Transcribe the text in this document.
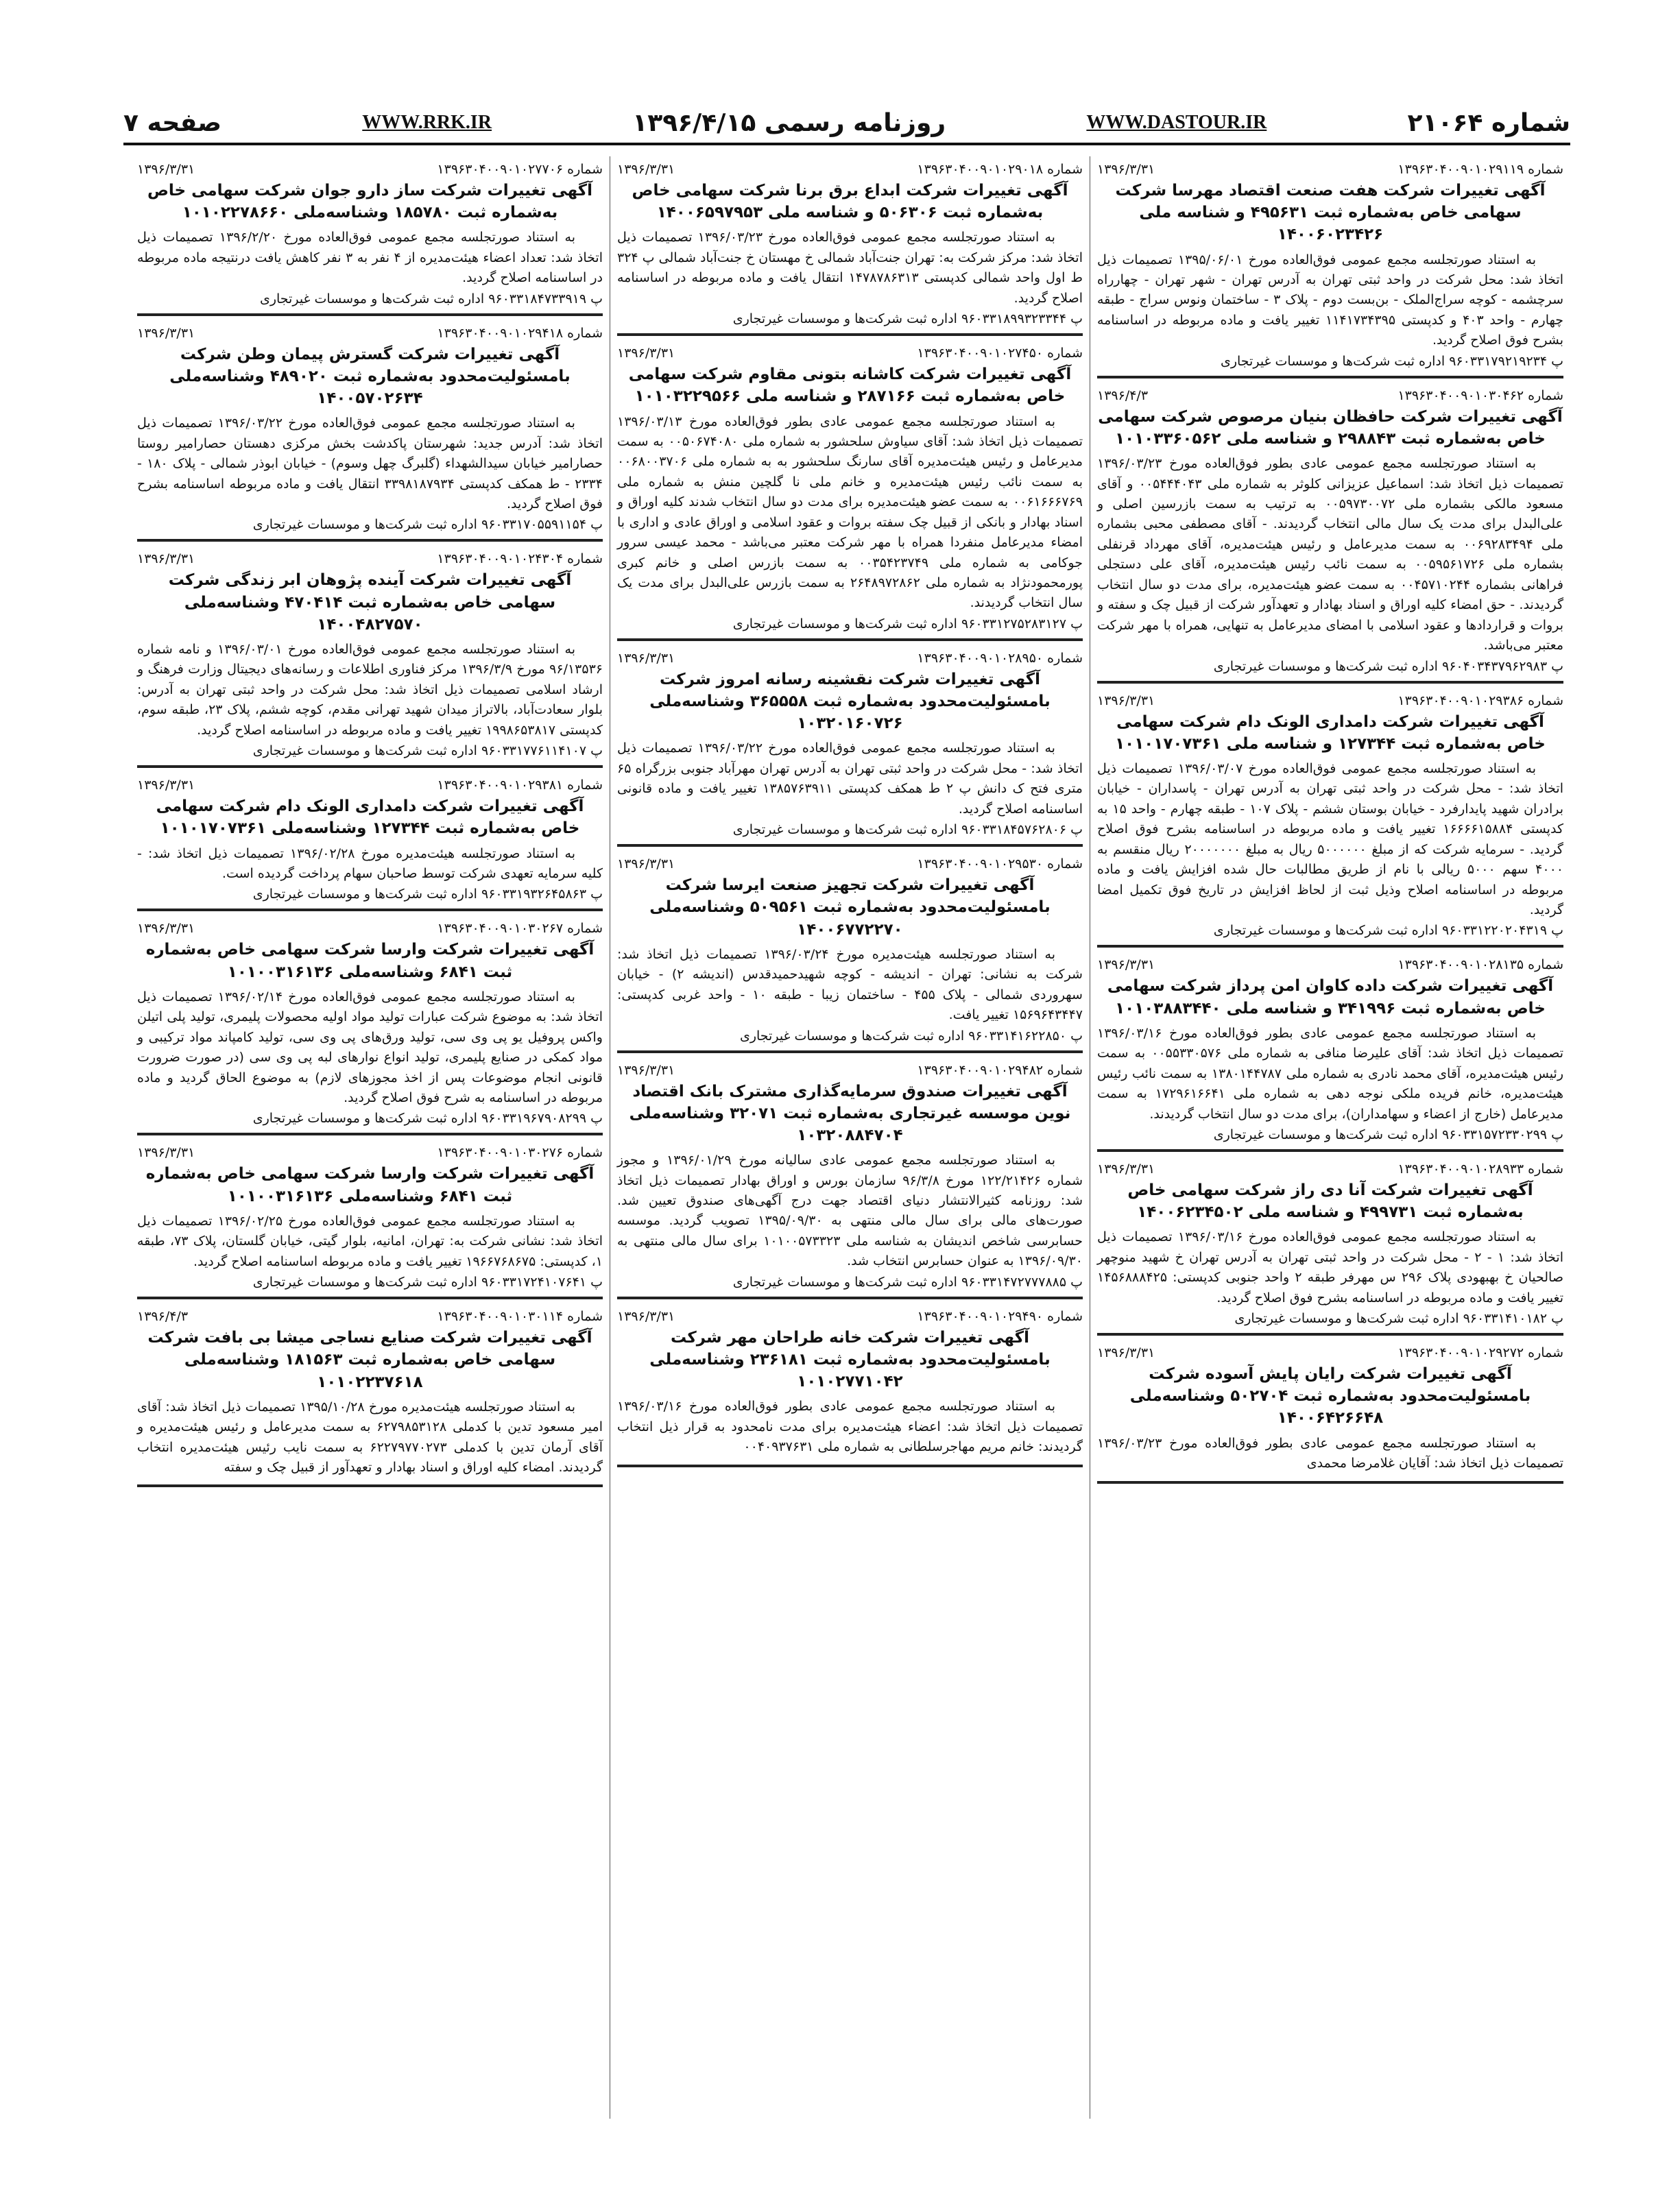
شماره ۲۱۰۶۴
WWW.DASTOUR.IR
روزنامه رسمی ۱۳۹۶/۴/۱۵
WWW.RRK.IR
صفحه ۷
شماره ۱۳۹۶۳۰۴۰۰۹۰۱۰۲۹۱۱۹
۱۳۹۶/۳/۳۱
آگهی تغییرات شرکت هفت صنعت اقتصاد مهرسا شرکت سهامی خاص به‌شماره ثبت ۴۹۵۶۳۱ و شناسه ملی ۱۴۰۰۶۰۲۳۴۲۶
به استناد صورتجلسه مجمع عمومی فوق‌العاده مورخ ۱۳۹۵/۰۶/۰۱ تصمیمات ذیل اتخاذ شد: محل شرکت در واحد ثبتی تهران به آدرس تهران - شهر تهران - چهارراه سرچشمه - کوچه سراج‌الملک - بن‌بست دوم - پلاک ۳ - ساختمان ونوس سراج - طبقه چهارم - واحد ۴۰۳ و کدپستی ۱۱۴۱۷۳۴۳۹۵ تغییر یافت و ماده مربوطه در اساسنامه بشرح فوق اصلاح گردید.
پ ۹۶۰۳۳۱۷۹۲۱۹۲۳۴ اداره ثبت شرکت‌ها و موسسات غیرتجاری
شماره ۱۳۹۶۳۰۴۰۰۹۰۱۰۳۰۴۶۲
۱۳۹۶/۴/۳
آگهی تغییرات شرکت حافظان بنیان مرصوص شرکت سهامی خاص به‌شماره ثبت ۲۹۸۸۴۳ و شناسه ملی ۱۰۱۰۳۳۶۰۵۶۲
به استناد صورتجلسه مجمع عمومی عادی بطور فوق‌العاده مورخ ۱۳۹۶/۰۳/۲۳ تصمیمات ذیل اتخاذ شد: اسماعیل عزیزانی کلوثر به شماره ملی ۰۰۵۴۴۴۰۴۳ و آقای مسعود مالکی بشماره ملی ۰۰۵۹۷۳۰۰۷۲ به ترتیب به سمت بازرسین اصلی و علی‌البدل برای مدت یک سال مالی انتخاب گردیدند. - آقای مصطفی محبی بشماره ملی ۰۰۶۹۲۸۳۴۹۴ به سمت مدیرعامل و رئیس هیئت‌مدیره، آقای مهرداد قرنفلی بشماره ملی ۰۰۵۹۵۶۱۷۲۶ به سمت نائب رئیس هیئت‌مدیره، آقای علی دستجلی فراهانی بشماره ۰۰۴۵۷۱۰۲۴۴ به سمت عضو هیئت‌مدیره، برای مدت دو سال انتخاب گردیدند. - حق امضاء کلیه اوراق و اسناد بهادار و تعهدآور شرکت از قبیل چک و سفته و بروات و قراردادها و عقود اسلامی با امضای مدیرعامل به تنهایی، همراه با مهر شرکت معتبر می‌باشد.
پ ۹۶۰۴۰۳۴۳۷۹۶۲۹۸۳ اداره ثبت شرکت‌ها و موسسات غیرتجاری
شماره ۱۳۹۶۳۰۴۰۰۹۰۱۰۲۹۳۸۶
۱۳۹۶/۳/۳۱
آگهی تغییرات شرکت دامداری الونک دام شرکت سهامی خاص به‌شماره ثبت ۱۲۷۳۴۴ و شناسه ملی ۱۰۱۰۱۷۰۷۳۶۱
به استناد صورتجلسه مجمع عمومی فوق‌العاده مورخ ۱۳۹۶/۰۳/۰۷ تصمیمات ذیل اتخاذ شد: - محل شرکت در واحد ثبتی تهران به آدرس تهران - پاسداران - خیابان برادران شهید پایدارفرد - خیابان بوستان ششم - پلاک ۱۰۷ - طبقه چهارم - واحد ۱۵ به کدپستی ۱۶۶۶۶۱۵۸۸۴ تغییر یافت و ماده مربوطه در اساسنامه بشرح فوق اصلاح گردید. - سرمایه شرکت که از مبلغ ۵۰۰۰۰۰۰ ریال به مبلغ ۲۰۰۰۰۰۰۰ ریال منقسم به ۴۰۰۰ سهم ۵۰۰۰ ریالی با نام از طریق مطالبات حال شده افزایش یافت و ماده مربوطه در اساسنامه اصلاح وذیل ثبت از لحاظ افزایش در تاریخ فوق تکمیل امضا گردید.
پ ۹۶۰۳۳۱۲۲۰۲۰۴۳۱۹ اداره ثبت شرکت‌ها و موسسات غیرتجاری
شماره ۱۳۹۶۳۰۴۰۰۹۰۱۰۲۸۱۳۵
۱۳۹۶/۳/۳۱
آگهی تغییرات شرکت داده کاوان امن پرداز شرکت سهامی خاص به‌شماره ثبت ۳۴۱۹۹۶ و شناسه ملی ۱۰۱۰۳۸۸۳۴۴۰
به استناد صورتجلسه مجمع عمومی عادی بطور فوق‌العاده مورخ ۱۳۹۶/۰۳/۱۶ تصمیمات ذیل اتخاذ شد: آقای علیرضا منافی به شماره ملی ۰۰۵۵۳۳۰۵۷۶ به سمت رئیس هیئت‌مدیره، آقای محمد نادری به شماره ملی ۱۳۸۰۱۴۴۷۸۷ به سمت نائب رئیس هیئت‌مدیره، خانم فریده ملکی نوجه دهی به شماره ملی ۱۷۲۹۶۱۶۶۴۱ به سمت مدیرعامل (خارج از اعضاء و سهامداران)، برای مدت دو سال انتخاب گردیدند.
پ ۹۶۰۳۳۱۵۷۲۳۳۰۲۹۹ اداره ثبت شرکت‌ها و موسسات غیرتجاری
شماره ۱۳۹۶۳۰۴۰۰۹۰۱۰۲۸۹۳۳
۱۳۹۶/۳/۳۱
آگهی تغییرات شرکت آنا دی راز شرکت سهامی خاص به‌شماره ثبت ۴۹۹۷۳۱ و شناسه ملی ۱۴۰۰۶۲۳۴۵۰۲
به استناد صورتجلسه مجمع عمومی فوق‌العاده مورخ ۱۳۹۶/۰۳/۱۶ تصمیمات ذیل اتخاذ شد: ۱ - ۲ - محل شرکت در واحد ثبتی تهران به آدرس تهران خ شهید منوچهر صالحیان خ بهبهودی پلاک ۲۹۶ س مهرفر طبقه ۲ واحد جنوبی کدپستی: ۱۴۵۶۸۸۸۴۲۵ تغییر یافت و ماده مربوطه در اساسنامه بشرح فوق اصلاح گردید.
پ ۹۶۰۳۳۱۴۱۰۱۸۲ اداره ثبت شرکت‌ها و موسسات غیرتجاری
شماره ۱۳۹۶۳۰۴۰۰۹۰۱۰۲۹۲۷۲
۱۳۹۶/۳/۳۱
آگهی تغییرات شرکت رایان پایش آسوده شرکت بامسئولیت‌محدود به‌شماره ثبت ۵۰۲۷۰۴ وشناسه‌ملی ۱۴۰۰۶۴۲۶۶۴۸
به استناد صورتجلسه مجمع عمومی عادی بطور فوق‌العاده مورخ ۱۳۹۶/۰۳/۲۳ تصمیمات ذیل اتخاذ شد: آقایان غلامرضا محمدی
شماره ۱۳۹۶۳۰۴۰۰۹۰۱۰۲۹۰۱۸
۱۳۹۶/۳/۳۱
آگهی تغییرات شرکت ابداع برق برنا شرکت سهامی خاص به‌شماره ثبت ۵۰۶۳۰۶ و شناسه ملی ۱۴۰۰۶۵۹۷۹۵۳
به استناد صورتجلسه مجمع عمومی فوق‌العاده مورخ ۱۳۹۶/۰۳/۲۳ تصمیمات ذیل اتخاذ شد: مرکز شرکت به: تهران جنت‌آباد شمالی خ مهستان خ جنت‌آباد شمالی پ ۳۲۴ ط اول واحد شمالی کدپستی ۱۴۷۸۷۸۶۳۱۳ انتقال یافت و ماده مربوطه در اساسنامه اصلاح گردید.
پ ۹۶۰۳۳۱۸۹۹۳۲۳۳۴۴ اداره ثبت شرکت‌ها و موسسات غیرتجاری
شماره ۱۳۹۶۳۰۴۰۰۹۰۱۰۲۷۴۵۰
۱۳۹۶/۳/۳۱
آگهی تغییرات شرکت کاشانه بتونی مقاوم شرکت سهامی خاص به‌شماره ثبت ۲۸۷۱۶۶ و شناسه ملی ۱۰۱۰۳۲۲۹۵۶۶
به استناد صورتجلسه مجمع عمومی عادی بطور فوق‌العاده مورخ ۱۳۹۶/۰۳/۱۳ تصمیمات ذیل اتخاذ شد: آقای سیاوش سلحشور به شماره ملی ۰۰۵۰۶۷۴۰۸۰ به سمت مدیرعامل و رئیس هیئت‌مدیره آقای سارنگ سلحشور به به شماره ملی ۰۰۶۸۰۰۳۷۰۶ به سمت نائب رئیس هیئت‌مدیره و خانم ملی نا گلچین منش به شماره ملی ۰۰۶۱۶۶۶۷۶۹ به سمت عضو هیئت‌مدیره برای مدت دو سال انتخاب شدند کلیه اوراق و اسناد بهادار و بانکی از قبیل چک سفته بروات و عقود اسلامی و اوراق عادی و اداری با امضاء مدیرعامل منفردا همراه با مهر شرکت معتبر می‌باشد - محمد عیسی سرور جوکامی به شماره ملی ۰۰۳۵۴۲۳۷۴۹ به سمت بازرس اصلی و خانم کبری پورمحمودنژاد به شماره ملی ۲۶۴۸۹۷۲۸۶۲ به سمت بازرس علی‌البدل برای مدت یک سال انتخاب گردیدند.
پ ۹۶۰۳۳۱۲۷۵۲۸۳۱۲۷ اداره ثبت شرکت‌ها و موسسات غیرتجاری
شماره ۱۳۹۶۳۰۴۰۰۹۰۱۰۲۸۹۵۰
۱۳۹۶/۳/۳۱
آگهی تغییرات شرکت نقشینه رسانه امروز شرکت بامسئولیت‌محدود به‌شماره ثبت ۳۶۵۵۵۸ وشناسه‌ملی ۱۰۳۲۰۱۶۰۷۲۶
به استناد صورتجلسه مجمع عمومی فوق‌العاده مورخ ۱۳۹۶/۰۳/۲۲ تصمیمات ذیل اتخاذ شد: - محل شرکت در واحد ثبتی تهران به آدرس تهران مهرآباد جنوبی بزرگراه ۶۵ متری فتح ک دانش پ ۲ ط همکف کدپستی ۱۳۸۵۷۶۳۹۱۱ تغییر یافت و ماده قانونی اساسنامه اصلاح گردید.
پ ۹۶۰۳۳۱۸۴۵۷۶۲۸۰۶ اداره ثبت شرکت‌ها و موسسات غیرتجاری
شماره ۱۳۹۶۳۰۴۰۰۹۰۱۰۲۹۵۳۰
۱۳۹۶/۳/۳۱
آگهی تغییرات شرکت تجهیز صنعت ایرسا شرکت بامسئولیت‌محدود به‌شماره ثبت ۵۰۹۵۶۱ وشناسه‌ملی ۱۴۰۰۶۷۷۲۲۷۰
به استناد صورتجلسه هیئت‌مدیره مورخ ۱۳۹۶/۰۳/۲۴ تصمیمات ذیل اتخاذ شد: شرکت به نشانی: تهران - اندیشه - کوچه شهیدحمیدقدس (اندیشه ۲) - خیابان سهروردی شمالی - پلاک ۴۵۵ - ساختمان زیبا - طبقه ۱۰ - واحد غربی کدپستی: ۱۵۶۹۶۴۳۴۴۷ تغییر یافت.
پ ۹۶۰۳۳۱۴۱۶۲۲۸۵۰ اداره ثبت شرکت‌ها و موسسات غیرتجاری
شماره ۱۳۹۶۳۰۴۰۰۹۰۱۰۲۹۴۸۲
۱۳۹۶/۳/۳۱
آگهی تغییرات صندوق سرمایه‌گذاری مشترک بانک اقتصاد نوین موسسه غیرتجاری به‌شماره ثبت ۳۲۰۷۱ وشناسه‌ملی ۱۰۳۲۰۸۸۴۷۰۴
به استناد صورتجلسه مجمع عمومی عادی سالیانه مورخ ۱۳۹۶/۰۱/۲۹ و مجوز شماره ۱۲۲/۲۱۴۲۶ مورخ ۹۶/۳/۸ سازمان بورس و اوراق بهادار تصمیمات ذیل اتخاذ شد: روزنامه کثیرالانتشار دنیای اقتصاد جهت درج آگهی‌های صندوق تعیین شد. صورت‌های مالی برای سال مالی منتهی به ۱۳۹۵/۰۹/۳۰ تصویب گردید. موسسه حسابرسی شاخص اندیشان به شناسه ملی ۱۰۱۰۰۵۷۳۳۲۳ برای سال مالی منتهی به ۱۳۹۶/۰۹/۳۰ به عنوان حسابرس انتخاب شد.
پ ۹۶۰۳۳۱۴۷۲۷۷۷۸۸۵ اداره ثبت شرکت‌ها و موسسات غیرتجاری
شماره ۱۳۹۶۳۰۴۰۰۹۰۱۰۲۹۴۹۰
۱۳۹۶/۳/۳۱
آگهی تغییرات شرکت خانه طراحان مهر شرکت بامسئولیت‌محدود به‌شماره ثبت ۲۳۶۱۸۱ وشناسه‌ملی ۱۰۱۰۲۷۷۱۰۴۲
به استناد صورتجلسه مجمع عمومی عادی بطور فوق‌العاده مورخ ۱۳۹۶/۰۳/۱۶ تصمیمات ذیل اتخاذ شد: اعضاء هیئت‌مدیره برای مدت نامحدود به قرار ذیل انتخاب گردیدند: خانم مریم مهاجرسلطانی به شماره ملی ۰۰۴۰۹۳۷۶۳۱
شماره ۱۳۹۶۳۰۴۰۰۹۰۱۰۲۷۷۰۶
۱۳۹۶/۳/۳۱
آگهی تغییرات شرکت ساز دارو جوان شرکت سهامی خاص به‌شماره ثبت ۱۸۵۷۸۰ وشناسه‌ملی ۱۰۱۰۲۲۷۸۶۶۰
به استناد صورتجلسه مجمع عمومی فوق‌العاده مورخ ۱۳۹۶/۲/۲۰ تصمیمات ذیل اتخاذ شد: تعداد اعضاء هیئت‌مدیره از ۴ نفر به ۳ نفر کاهش یافت درنتیجه ماده مربوطه در اساسنامه اصلاح گردید.
پ ۹۶۰۳۳۱۸۴۷۳۳۹۱۹ اداره ثبت شرکت‌ها و موسسات غیرتجاری
شماره ۱۳۹۶۳۰۴۰۰۹۰۱۰۲۹۴۱۸
۱۳۹۶/۳/۳۱
آگهی تغییرات شرکت گسترش پیمان وطن شرکت بامسئولیت‌محدود به‌شماره ثبت ۴۸۹۰۲۰ وشناسه‌ملی ۱۴۰۰۵۷۰۲۶۳۴
به استناد صورتجلسه مجمع عمومی فوق‌العاده مورخ ۱۳۹۶/۰۳/۲۲ تصمیمات ذیل اتخاذ شد: آدرس جدید: شهرستان پاکدشت بخش مرکزی دهستان حصارامیر روستا حصارامیر خیابان سیدالشهداء (گلبرگ چهل وسوم) - خیابان ابوذر شمالی - پلاک ۱۸۰ - ۲۳۳۴ - ط همکف کدپستی ۳۳۹۸۱۸۷۹۳۴ انتقال یافت و ماده مربوطه اساسنامه بشرح فوق اصلاح گردید.
پ ۹۶۰۳۳۱۷۰۵۵۹۱۱۵۴ اداره ثبت شرکت‌ها و موسسات غیرتجاری
شماره ۱۳۹۶۳۰۴۰۰۹۰۱۰۲۴۳۰۴
۱۳۹۶/۳/۳۱
آگهی تغییرات شرکت آینده پژوهان ابر زندگی شرکت سهامی خاص به‌شماره ثبت ۴۷۰۴۱۴ وشناسه‌ملی ۱۴۰۰۴۸۲۷۵۷۰
به استناد صورتجلسه مجمع عمومی فوق‌العاده مورخ ۱۳۹۶/۰۳/۰۱ و نامه شماره ۹۶/۱۳۵۳۶ مورخ ۱۳۹۶/۳/۹ مرکز فناوری اطلاعات و رسانه‌های دیجیتال وزارت فرهنگ و ارشاد اسلامی تصمیمات ذیل اتخاذ شد: محل شرکت در واحد ثبتی تهران به آدرس: بلوار سعادت‌آباد، بالاتراز میدان شهید تهرانی مقدم، کوچه ششم، پلاک ۲۳، طبقه سوم، کدپستی ۱۹۹۸۶۵۳۸۱۷ تغییر یافت و ماده مربوطه در اساسنامه اصلاح گردید.
پ ۹۶۰۳۳۱۷۷۶۱۱۴۱۰۷ اداره ثبت شرکت‌ها و موسسات غیرتجاری
شماره ۱۳۹۶۳۰۴۰۰۹۰۱۰۲۹۳۸۱
۱۳۹۶/۳/۳۱
آگهی تغییرات شرکت دامداری الونک دام شرکت سهامی خاص به‌شماره ثبت ۱۲۷۳۴۴ وشناسه‌ملی ۱۰۱۰۱۷۰۷۳۶۱
به استناد صورتجلسه هیئت‌مدیره مورخ ۱۳۹۶/۰۲/۲۸ تصمیمات ذیل اتخاذ شد: - کلیه سرمایه تعهدی شرکت توسط صاحبان سهام پرداخت گردیده است.
پ ۹۶۰۳۳۱۹۳۲۶۴۵۸۶۳ اداره ثبت شرکت‌ها و موسسات غیرتجاری
شماره ۱۳۹۶۳۰۴۰۰۹۰۱۰۳۰۲۶۷
۱۳۹۶/۳/۳۱
آگهی تغییرات شرکت وارسا شرکت سهامی خاص به‌شماره ثبت ۶۸۴۱ وشناسه‌ملی ۱۰۱۰۰۳۱۶۱۳۶
به استناد صورتجلسه مجمع عمومی فوق‌العاده مورخ ۱۳۹۶/۰۲/۱۴ تصمیمات ذیل اتخاذ شد: به موضوع شرکت عبارات تولید مواد اولیه محصولات پلیمری، تولید پلی اتیلن واکس پروفیل یو پی وی سی، تولید ورق‌های پی وی سی، تولید کامپاند مواد ترکیبی و مواد کمکی در صنایع پلیمری، تولید انواع نوارهای لبه پی وی سی (در صورت ضرورت قانونی انجام موضوعات پس از اخذ مجوزهای لازم) به موضوع الحاق گردید و ماده مربوطه در اساسنامه به شرح فوق اصلاح گردید.
پ ۹۶۰۳۳۱۹۶۷۹۰۸۲۹۹ اداره ثبت شرکت‌ها و موسسات غیرتجاری
شماره ۱۳۹۶۳۰۴۰۰۹۰۱۰۳۰۲۷۶
۱۳۹۶/۳/۳۱
آگهی تغییرات شرکت وارسا شرکت سهامی خاص به‌شماره ثبت ۶۸۴۱ وشناسه‌ملی ۱۰۱۰۰۳۱۶۱۳۶
به استناد صورتجلسه مجمع عمومی فوق‌العاده مورخ ۱۳۹۶/۰۲/۲۵ تصمیمات ذیل اتخاذ شد: نشانی شرکت به: تهران، امانیه، بلوار گیتی، خیابان گلستان، پلاک ۷۳، طبقه ۱، کدپستی: ۱۹۶۶۷۶۸۶۷۵ تغییر یافت و ماده مربوطه اساسنامه اصلاح گردید.
پ ۹۶۰۳۳۱۷۲۴۱۰۷۶۴۱ اداره ثبت شرکت‌ها و موسسات غیرتجاری
شماره ۱۳۹۶۳۰۴۰۰۹۰۱۰۳۰۱۱۴
۱۳۹۶/۴/۳
آگهی تغییرات شرکت صنایع نساجی میشا بی بافت شرکت سهامی خاص به‌شماره ثبت ۱۸۱۵۶۳ وشناسه‌ملی ۱۰۱۰۲۲۳۷۶۱۸
به استناد صورتجلسه هیئت‌مدیره مورخ ۱۳۹۵/۱۰/۲۸ تصمیمات ذیل اتخاذ شد: آقای امیر مسعود تدین با کدملی ۶۲۷۹۸۵۳۱۲۸ به سمت مدیرعامل و رئیس هیئت‌مدیره و آقای آرمان تدین با کدملی ۶۲۲۷۹۷۷۰۲۷۳ به سمت نایب رئیس هیئت‌مدیره انتخاب گردیدند. امضاء کلیه اوراق و اسناد بهادار و تعهدآور از قبیل چک و سفته
